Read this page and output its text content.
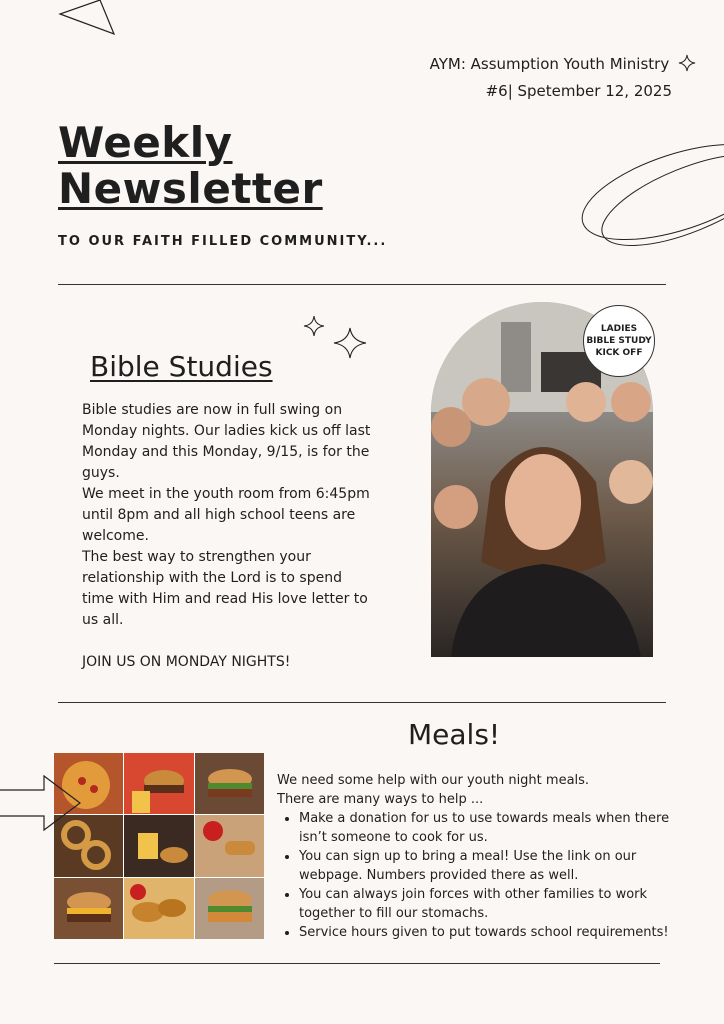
AYM: Assumption Youth Ministry
#6| Spetember 12, 2025
Weekly
Newsletter
TO OUR FAITH FILLED COMMUNITY...
Bible Studies
Bible studies are now in full swing on Monday nights. Our ladies kick us off last Monday and this Monday, 9/15, is for the guys.
We meet in the youth room from 6:45pm until 8pm and all high school teens are welcome.
The best way to strengthen your relationship with the Lord is to spend time with Him and read His love letter to us all.
JOIN US ON MONDAY NIGHTS!
LADIES
BIBLE STUDY
KICK OFF
Meals!
We need some help with our youth night meals.
There are many ways to help ...
• Make a donation for us to use towards meals when there isn’t someone to cook for us.
• You can sign up to bring a meal! Use the link on our webpage. Numbers provided there as well.
• You can always join forces with other families to work together to fill our stomachs.
• Service hours given to put towards school requirements!
